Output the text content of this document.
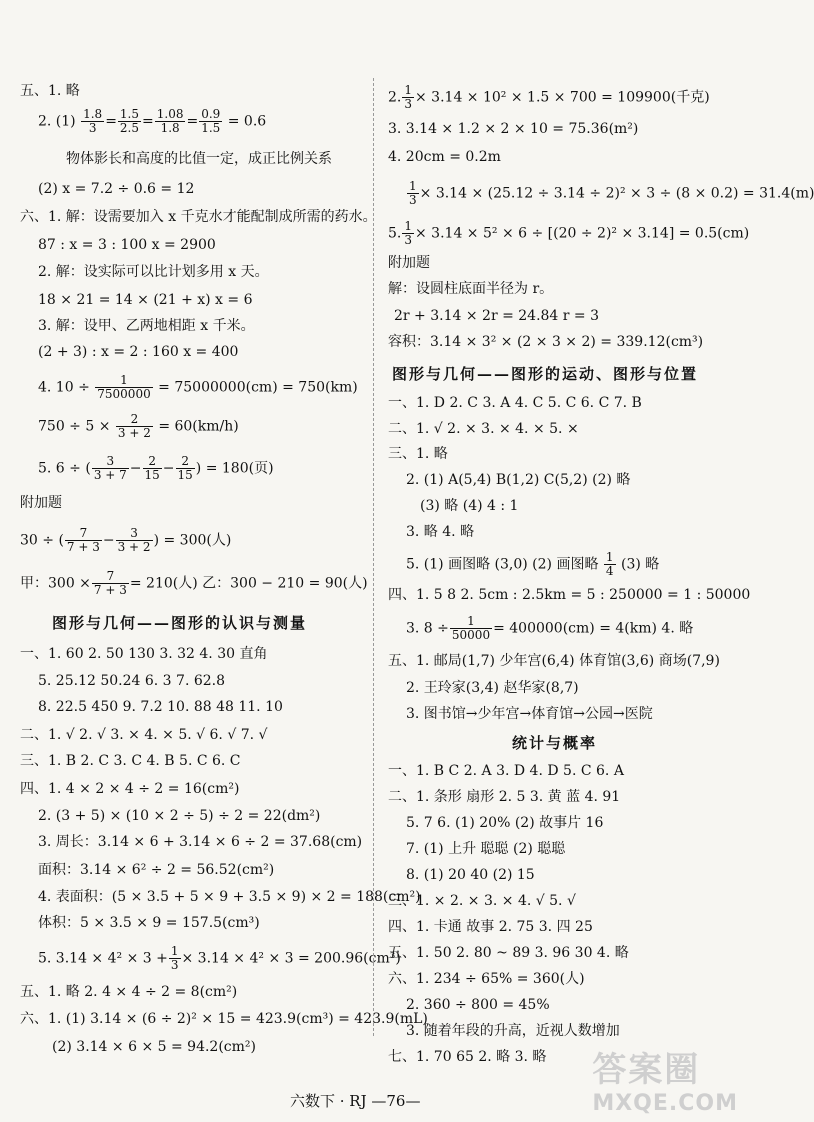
五、1. 略
2. $(1) \frac{1.8}{3} = \frac{1.5}{2.5} = \frac{1.08}{1.8} = \frac{0.9}{1.5} = 0.6$
物体影长和高度的比值一定，成正比例关系
(2) x = 7.2 ÷ 0.6 = 12
六、1. 解：设需要加入 x 千克水才能配制成所需的药水。
87 : x = 3 : 100 x = 2900
2. 解：设实际可以比计划多用 x 天。
18 × 21 = 14 × (21 + x) x = 6
3. 解：设甲、乙两地相距 x 千米。
(2 + 3) : x = 2 : 160 x = 400
4. $10 \div \frac{1}{7500000} = 75000000(cm) = 750(km)$
$750 \div 5 \times \frac{2}{3 + 2} = 60(km/h)$
5. 6 ÷ ( $\frac{3}{3 + 7} - \frac{2}{15} - \frac{2}{15}$ ) = 180(页)
附加题
30 ÷ ( $\frac{7}{7 + 3} - \frac{3}{3 + 2}$ ) = 300(人)
甲：$300 \times \frac{7}{7 + 3} = 210$(人) 乙：300 − 210 = 90(人)
图形与几何——图形的认识与测量
一、1. 60 2. 50 130 3. 32 4. 30 直角
5. 25.12 50.24 6. 3 7. 62.8
8. 22.5 450 9. 7.2 10. 88 48 11. 10
二、1. √ 2. √ 3. × 4. × 5. √ 6. √ 7. √
三、1. B 2. C 3. C 4. B 5. C 6. C
四、1. 4 × 2 × 4 ÷ 2 = 16(cm²)
2. (3 + 5) × (10 × 2 ÷ 5) ÷ 2 = 22(dm²)
3. 周长：3.14 × 6 + 3.14 × 6 ÷ 2 = 37.68(cm)
面积：3.14 × 6² ÷ 2 = 56.52(cm²)
4. 表面积：(5 × 3.5 + 5 × 9 + 3.5 × 9) × 2 = 188(cm²)
体积：5 × 3.5 × 9 = 157.5(cm³)
5. $3.14 \times 4^2 \times 3 + \frac{1}{3} \times 3.14 \times 4^2 \times 3 = 200.96(cm^3)$
五、1. 略 2. 4 × 4 ÷ 2 = 8(cm²)
六、1. (1) 3.14 × (6 ÷ 2)² × 15 = 423.9(cm³) = 423.9(mL)
(2) 3.14 × 6 × 5 = 94.2(cm²)
2. $\frac{1}{3} \times 3.14 \times 10^2 \times 1.5 \times 700 = 109900$(千克)
3. 3.14 × 1.2 × 2 × 10 = 75.36(m²)
4. 20cm = 0.2m
$\frac{1}{3} \times 3.14 \times (25.12 \div 3.14 \div 2)^2 \times 3 \div (8 \times 0.2) = 31.4(m)$
5. $\frac{1}{3} \times 3.14 \times 5^2 \times 6 \div [(20 \div 2)^2 \times 3.14] = 0.5(cm)$
附加题
解：设圆柱底面半径为 r。
2r + 3.14 × 2r = 24.84 r = 3
容积：3.14 × 3² × (2 × 3 × 2) = 339.12(cm³)
图形与几何——图形的运动、图形与位置
一、1. D 2. C 3. A 4. C 5. C 6. C 7. B
二、1. √ 2. × 3. × 4. × 5. ×
三、1. 略
2. (1) A(5,4) B(1,2) C(5,2) (2) 略
(3) 略 (4) 4 : 1
3. 略 4. 略
5. (1) 画图略 (3,0) (2) 画图略 $\frac{1}{4} (3)$ 略
四、1. 5 8 2. 5cm : 2.5km = 5 : 250000 = 1 : 50000
3. $8 \div \frac{1}{50000} = 400000(cm) = 4(km)$ 4. 略
五、1. 邮局(1,7) 少年宫(6,4) 体育馆(3,6) 商场(7,9)
2. 王玲家(3,4) 赵华家(8,7)
3. 图书馆→少年宫→体育馆→公园→医院
统计与概率
一、1. B C 2. A 3. D 4. D 5. C 6. A
二、1. 条形 扇形 2. 5 3. 黄 蓝 4. 91
5. 7 6. (1) 20% (2) 故事片 16
7. (1) 上升 聪聪 (2) 聪聪
8. (1) 20 40 (2) 15
三、1. × 2. × 3. × 4. √ 5. √
四、1. 卡通 故事 2. 75 3. 四 25
五、1. 50 2. 80 ~ 89 3. 96 30 4. 略
六、1. 234 ÷ 65% = 360(人)
2. 360 ÷ 800 = 45%
3. 随着年段的升高，近视人数增加
七、1. 70 65 2. 略 3. 略
六数下 · RJ —76—
答案圈
MXQE.COM
